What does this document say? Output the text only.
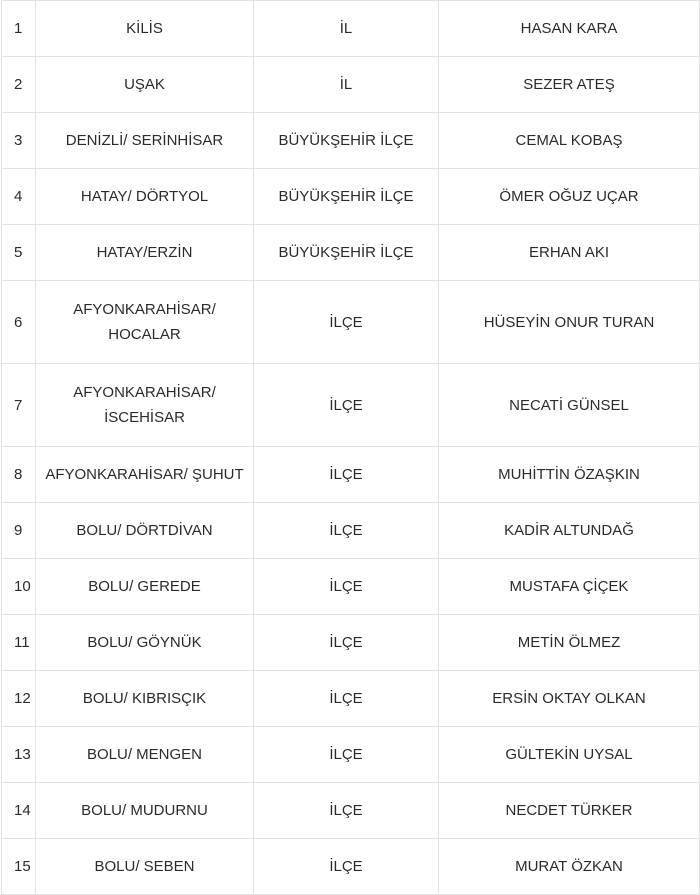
1	KİLİS	İL	HASAN KARA
2	UŞAK	İL	SEZER ATEŞ
3	DENİZLİ/ SERİNHİSAR	BÜYÜKŞEHİR İLÇE	CEMAL KOBAŞ
4	HATAY/ DÖRTYOL	BÜYÜKŞEHİR İLÇE	ÖMER OĞUZ UÇAR
5	HATAY/ERZİN	BÜYÜKŞEHİR İLÇE	ERHAN AKI
6	AFYONKARAHİSAR/ HOCALAR	İLÇE	HÜSEYİN ONUR TURAN
7	AFYONKARAHİSAR/ İSCEHİSAR	İLÇE	NECATİ GÜNSEL
8	AFYONKARAHİSAR/ ŞUHUT	İLÇE	MUHİTTİN ÖZAŞKIN
9	BOLU/ DÖRTDİVAN	İLÇE	KADİR ALTUNDAĞ
10	BOLU/ GEREDE	İLÇE	MUSTAFA ÇİÇEK
11	BOLU/ GÖYNÜK	İLÇE	METİN ÖLMEZ
12	BOLU/ KIBRISÇIK	İLÇE	ERSİN OKTAY OLKAN
13	BOLU/ MENGEN	İLÇE	GÜLTEKİN UYSAL
14	BOLU/ MUDURNU	İLÇE	NECDET TÜRKER
15	BOLU/ SEBEN	İLÇE	MURAT ÖZKAN
